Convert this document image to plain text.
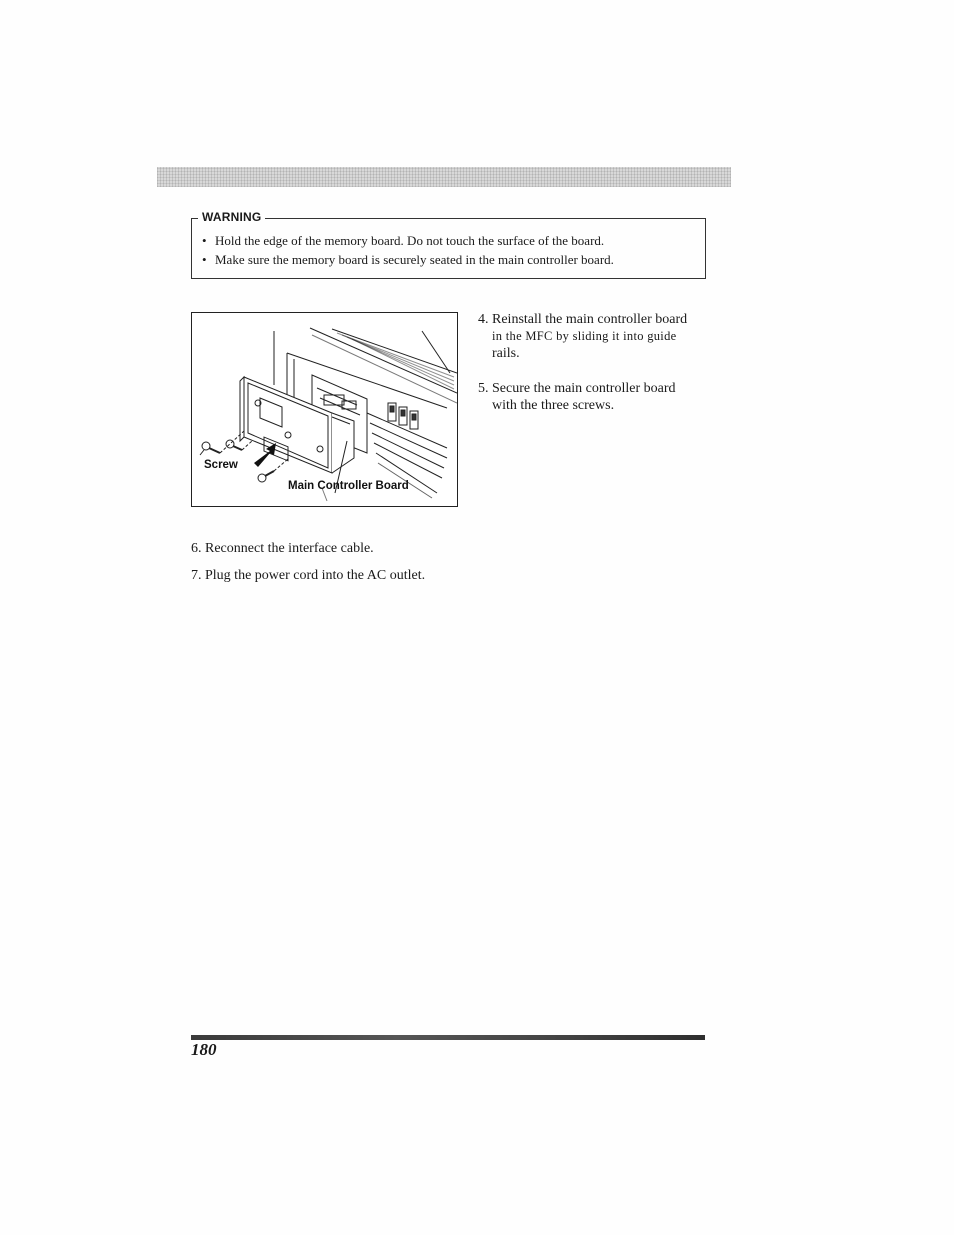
WARNING
• Hold the edge of the memory board. Do not touch the surface of the board.
• Make sure the memory board is securely seated in the main controller board.
Screw
Main Controller Board
4. Reinstall the main controller board
in the MFC by sliding it into guide
rails.
5. Secure the main controller board
with the three screws.
6. Reconnect the interface cable.
7. Plug the power cord into the AC outlet.
180
